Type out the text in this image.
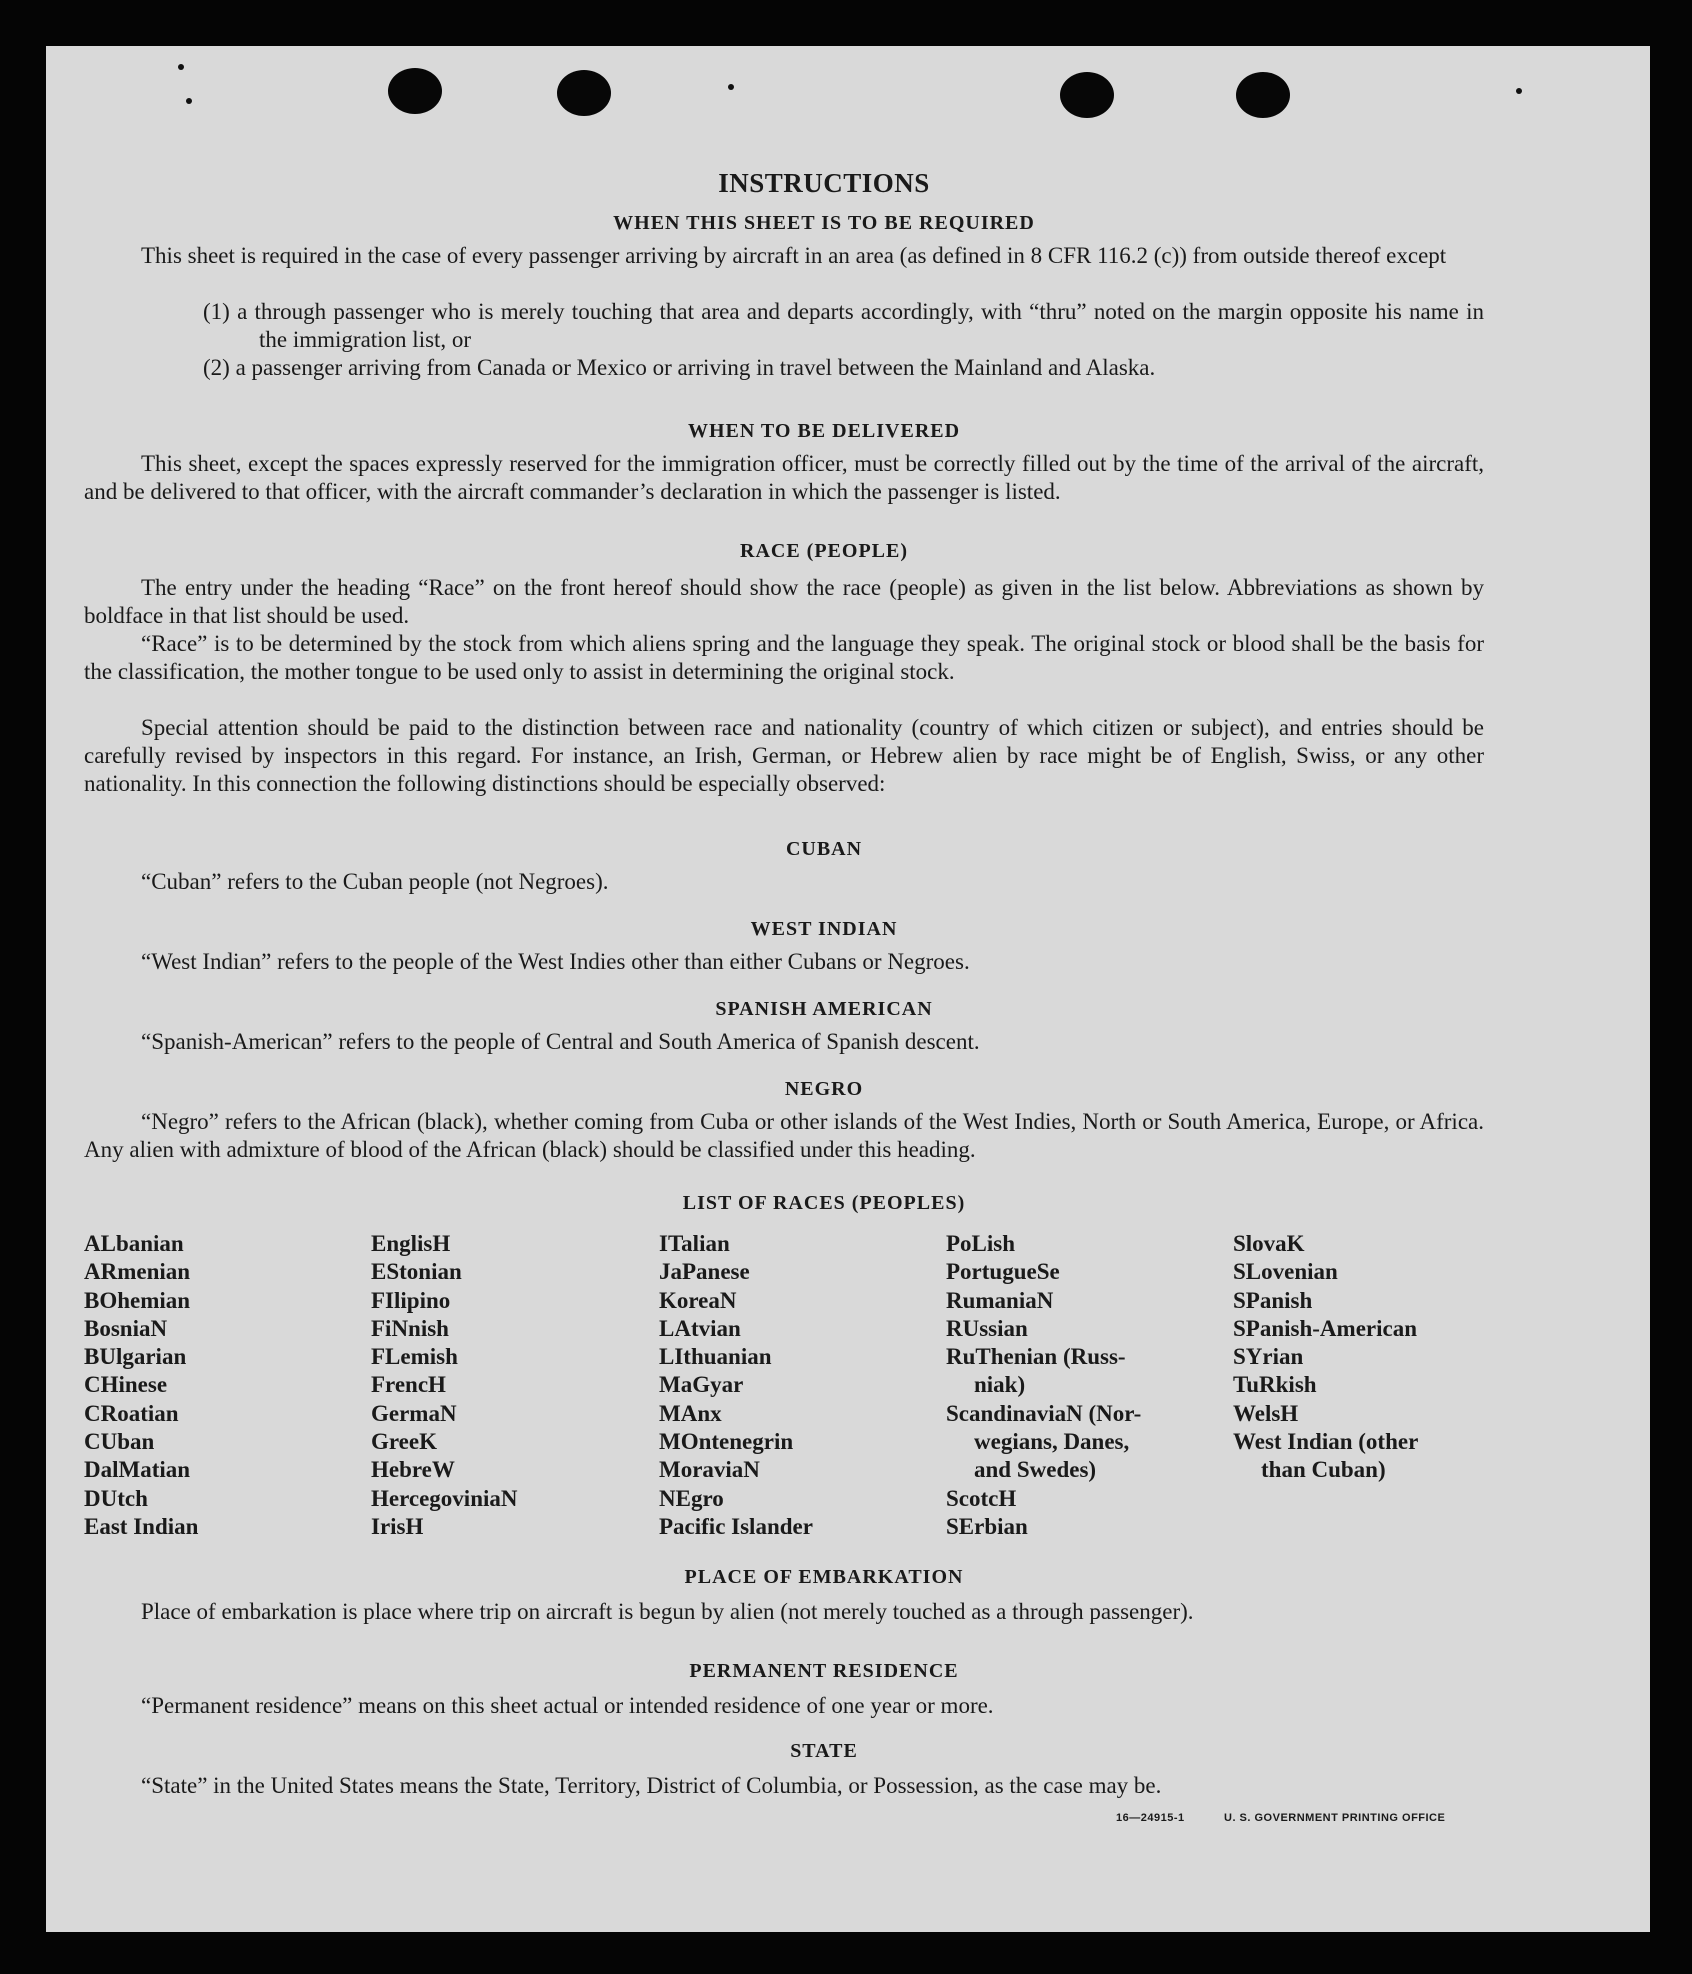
INSTRUCTIONS
WHEN THIS SHEET IS TO BE REQUIRED
This sheet is required in the case of every passenger arriving by aircraft in an area (as defined in 8 CFR 116.2 (c)) from outside thereof except
(1) a through passenger who is merely touching that area and departs accordingly, with “thru” noted on the margin opposite his name in the immigration list, or
(2) a passenger arriving from Canada or Mexico or arriving in travel between the Mainland and Alaska.
WHEN TO BE DELIVERED
This sheet, except the spaces expressly reserved for the immigration officer, must be correctly filled out by the time of the arrival of the aircraft, and be delivered to that officer, with the aircraft commander’s declaration in which the passenger is listed.
RACE (PEOPLE)
The entry under the heading “Race” on the front hereof should show the race (people) as given in the list below. Abbreviations as shown by boldface in that list should be used.
“Race” is to be determined by the stock from which aliens spring and the language they speak. The original stock or blood shall be the basis for the classification, the mother tongue to be used only to assist in determining the original stock.
Special attention should be paid to the distinction between race and nationality (country of which citizen or subject), and entries should be carefully revised by inspectors in this regard. For instance, an Irish, German, or Hebrew alien by race might be of English, Swiss, or any other nationality. In this connection the following distinctions should be especially observed:
CUBAN
“Cuban” refers to the Cuban people (not Negroes).
WEST INDIAN
“West Indian” refers to the people of the West Indies other than either Cubans or Negroes.
SPANISH AMERICAN
“Spanish-American” refers to the people of Central and South America of Spanish descent.
NEGRO
“Negro” refers to the African (black), whether coming from Cuba or other islands of the West Indies, North or South America, Europe, or Africa. Any alien with admixture of blood of the African (black) should be classified under this heading.
LIST OF RACES (PEOPLES)
ALbanian
ARmenian
BOhemian
BosniaN
BUlgarian
CHinese
CRoatian
CUban
DalMatian
DUtch
East Indian
EnglisH
EStonian
FIlipino
FiNnish
FLemish
FrencH
GermaN
GreeK
HebreW
HercegoviniaN
IrisH
ITalian
JaPanese
KoreaN
LAtvian
LIthuanian
MaGyar
MAnx
MOntenegrin
MoraviaN
NEgro
Pacific Islander
PoLish
PortugueSe
RumaniaN
RUssian
RuThenian (Russ-
niak)
ScandinaviaN (Nor-
wegians, Danes,
and Swedes)
ScotcH
SErbian
SlovaK
SLovenian
SPanish
SPanish-American
SYrian
TuRkish
WelsH
West Indian (other
than Cuban)
PLACE OF EMBARKATION
Place of embarkation is place where trip on aircraft is begun by alien (not merely touched as a through passenger).
PERMANENT RESIDENCE
“Permanent residence” means on this sheet actual or intended residence of one year or more.
STATE
“State” in the United States means the State, Territory, District of Columbia, or Possession, as the case may be.
16—24915-1	U. S. GOVERNMENT PRINTING OFFICE
